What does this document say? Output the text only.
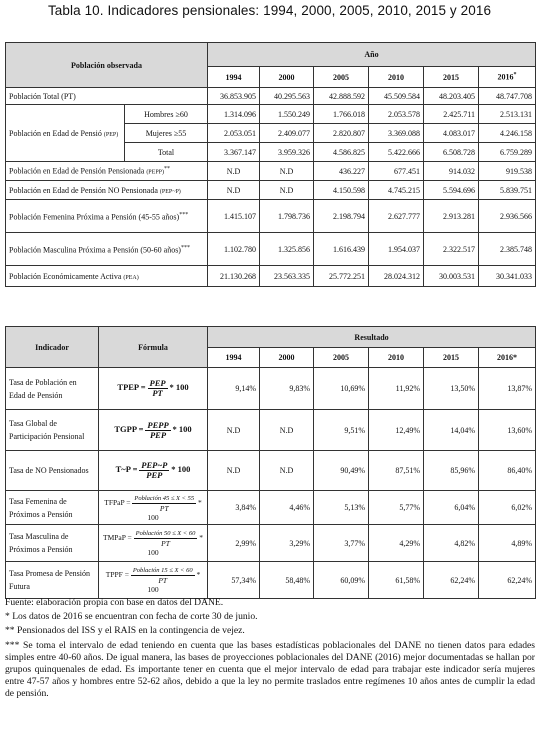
Tabla 10. Indicadores pensionales: 1994, 2000, 2005, 2010, 2015 y 2016
Población observada		Año					
		1994	2000	2005	2010	2015	2016*
Población Total (PT)		36.853.905	40.295.563	42.888.592	45.509.584	48.203.405	48.747.708
Población en Edad de Pensió (PEP)	Hombres ≥60	1.314.096	1.550.249	1.766.018	2.053.578	2.425.711	2.513.131
	Mujeres ≥55	2.053.051	2.409.077	2.820.807	3.369.088	4.083.017	4.246.158
	Total	3.367.147	3.959.326	4.586.825	5.422.666	6.508.728	6.759.289
Población en Edad de Pensión Pensionada (PEPP)**		N.D	N.D	436.227	677.451	914.032	919.538
Población en Edad de Pensión NO Pensionada (PEP~P)		N.D	N.D	4.150.598	4.745.215	5.594.696	5.839.751
Población Femenina Próxima a Pensión (45-55 años)***		1.415.107	1.798.736	2.198.794	2.627.777	2.913.281	2.936.566
Población Masculina Próxima a Pensión (50-60 años)***		1.102.780	1.325.856	1.616.439	1.954.037	2.322.517	2.385.748
Población Económicamente Activa (PEA)		21.130.268	23.563.335	25.772.251	28.024.312	30.003.531	30.341.033
Indicador	Fórmula	Resultado					
		1994	2000	2005	2010	2015	2016*
Tasa de Población en Edad de Pensión	TPEP = $\frac{\text{PEP}}{PT} * 100$	9,14%	9,83%	10,69%	11,92%	13,50%	13,87%
Tasa Global de Participación Pensional	TGPP = $\frac{\text{PEPP}}{\text{PEP}} * 100$	N.D	N.D	9,51%	12,49%	14,04%	13,60%
Tasa de NO Pensionados	T~P = $\frac{\text{PEP\textasciitilde{}P}}{\text{PEP}} * 100$	N.D	N.D	90,49%	87,51%	85,96%	86,40%
Tasa Femenina de Próximos a Pensión	TFPaP = $\frac{\text{Población 45 ≤ X < 55}}{PT} * 100$	3,84%	4,46%	5,13%	5,77%	6,04%	6,02%
Tasa Masculina de Próximos a Pensión	TMPaP = $\frac{\text{Población 50 ≤ X < 60}}{PT} * 100$	2,99%	3,29%	3,77%	4,29%	4,82%	4,89%
Tasa Promesa de Pensión Futura	TPPF = $\frac{\text{Población 15 ≤ X < 60}}{PT} * 100$	57,34%	58,48%	60,09%	61,58%	62,24%	62,24%

Fuente: elaboración propia con base en datos del DANE.

* Los datos de 2016 se encuentran con fecha de corte 30 de junio.

** Pensionados del ISS y el RAIS en la contingencia de vejez.

*** Se toma el intervalo de edad teniendo en cuenta que las bases estadísticas poblacionales del DANE no tienen datos para edades simples entre 40-60 años. De igual manera, las bases de proyecciones poblacionales del DANE (2016) mejor documentadas se hallan por grupos quinquenales de edad. Es importante tener en cuenta que el mejor intervalo de edad para trabajar este indicador sería mujeres entre 47-57 años y hombres entre 52-62 años, debido a que la ley no permite traslados entre regímenes 10 años antes de cumplir la edad de pensión.
